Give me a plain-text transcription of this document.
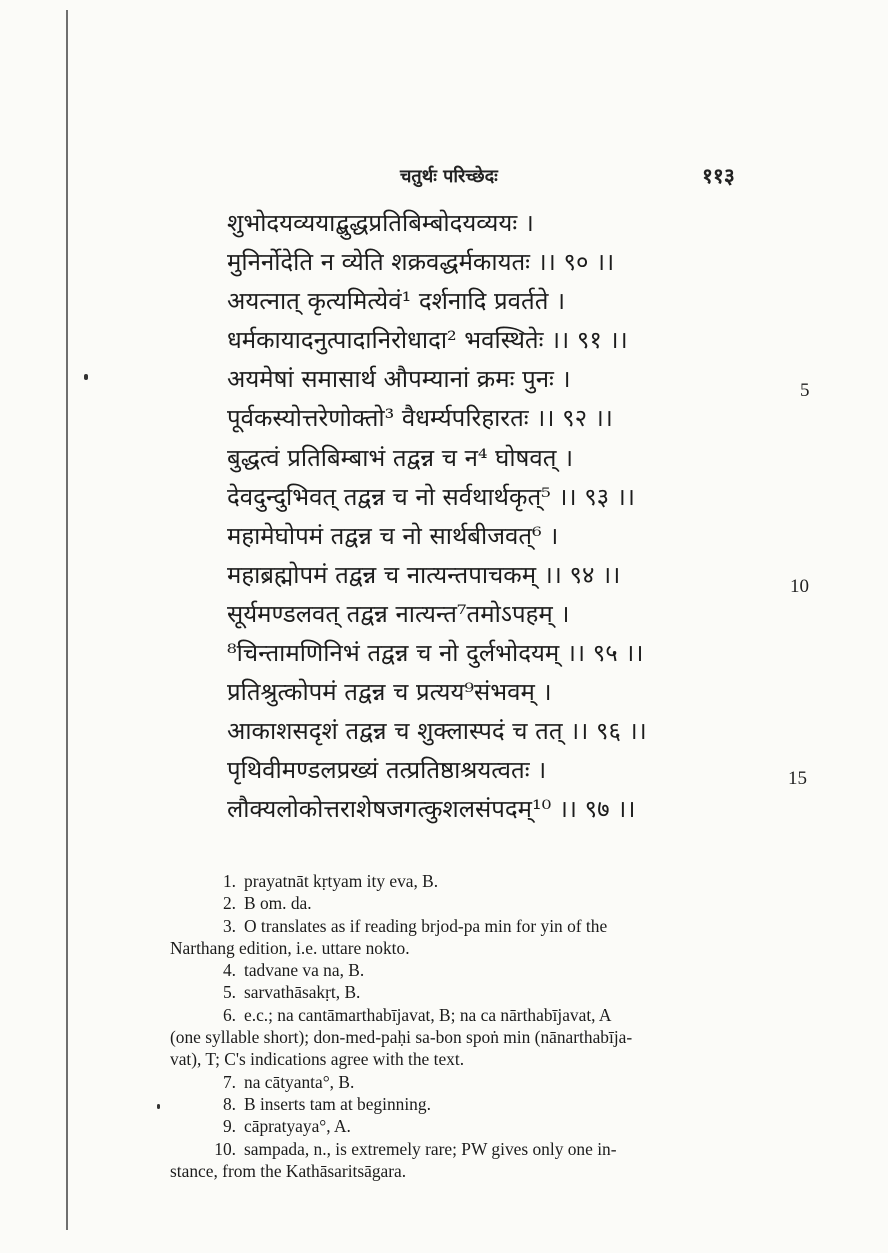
चतुर्थः परिच्छेदः	११३
शुभोदयव्ययाद्बुद्धप्रतिबिम्बोदयव्ययः ।
मुनिर्नोदेति न व्येति शक्रवद्धर्मकायतः ।। ९० ।।
अयत्नात् कृत्यमित्येवं¹ दर्शनादि प्रवर्तते ।
धर्मकायादनुत्पादानिरोधादा² भवस्थितेः ।। ९१ ।।
अयमेषां समासार्थ औपम्यानां क्रमः पुनः ।
पूर्वकस्योत्तरेणोक्तो³ वैधर्म्यपरिहारतः ।। ९२ ।।
बुद्धत्वं प्रतिबिम्बाभं तद्वन्न च न⁴ घोषवत् ।
देवदुन्दुभिवत् तद्वन्न च नो सर्वथार्थकृत्⁵ ।। ९३ ।।
महामेघोपमं तद्वन्न च नो सार्थबीजवत्⁶ ।
महाब्रह्मोपमं तद्वन्न च नात्यन्तपाचकम् ।। ९४ ।।
सूर्यमण्डलवत् तद्वन्न नात्यन्त⁷तमोऽपहम् ।
⁸चिन्तामणिनिभं तद्वन्न च नो दुर्लभोदयम् ।। ९५ ।।
प्रतिश्रुत्कोपमं तद्वन्न च प्रत्यय⁹संभवम् ।
आकाशसदृशं तद्वन्न च शुक्लास्पदं च तत् ।। ९६ ।।
पृथिवीमण्डलप्रख्यं तत्प्रतिष्ठाश्रयत्वतः ।
लौक्यलोकोत्तराशेषजगत्कुशलसंपदम्¹⁰ ।। ९७ ।।
5
10
15
1. prayatnāt kṛtyam ity eva, B.
2. B om. da.
3. O translates as if reading brjod-pa min for yin of the
Narthang edition, i.e. uttare nokto.
4. tadvane va na, B.
5. sarvathāsakṛt, B.
6. e.c.; na cantāmarthabījavat, B; na ca nārthabījavat, A
(one syllable short); don-med-paḥi sa-bon spoṅ min (nānarthabīja-
vat), T; C's indications agree with the text.
7. na cātyanta°, B.
8. B inserts tam at beginning.
9. cāpratyaya°, A.
10. sampada, n., is extremely rare; PW gives only one in-
stance, from the Kathāsaritsāgara.
